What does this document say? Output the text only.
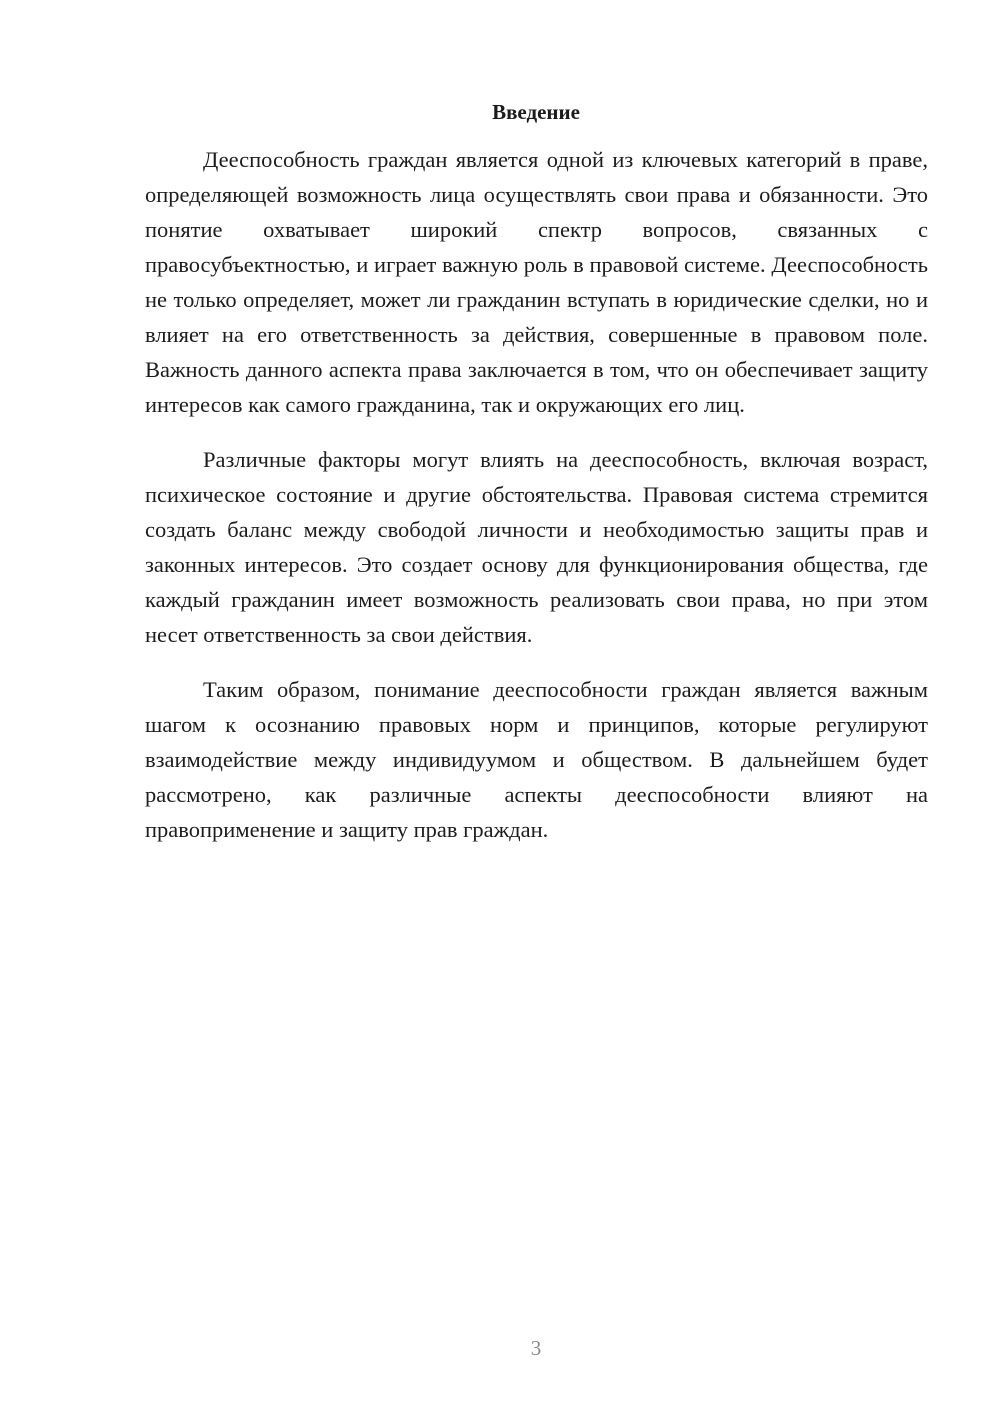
Введение

Дееспособность граждан является одной из ключевых категорий в праве, определяющей возможность лица осуществлять свои права и обязанности. Это понятие охватывает широкий спектр вопросов, связанных с правосубъектностью, и играет важную роль в правовой системе. Дееспособность не только определяет, может ли гражданин вступать в юридические сделки, но и влияет на его ответственность за действия, совершенные в правовом поле. Важность данного аспекта права заключается в том, что он обеспечивает защиту интересов как самого гражданина, так и окружающих его лиц.

Различные факторы могут влиять на дееспособность, включая возраст, психическое состояние и другие обстоятельства. Правовая система стремится создать баланс между свободой личности и необходимостью защиты прав и законных интересов. Это создает основу для функционирования общества, где каждый гражданин имеет возможность реализовать свои права, но при этом несет ответственность за свои действия.

Таким образом, понимание дееспособности граждан является важным шагом к осознанию правовых норм и принципов, которые регулируют взаимодействие между индивидуумом и обществом. В дальнейшем будет рассмотрено, как различные аспекты дееспособности влияют на правоприменение и защиту прав граждан.

3
